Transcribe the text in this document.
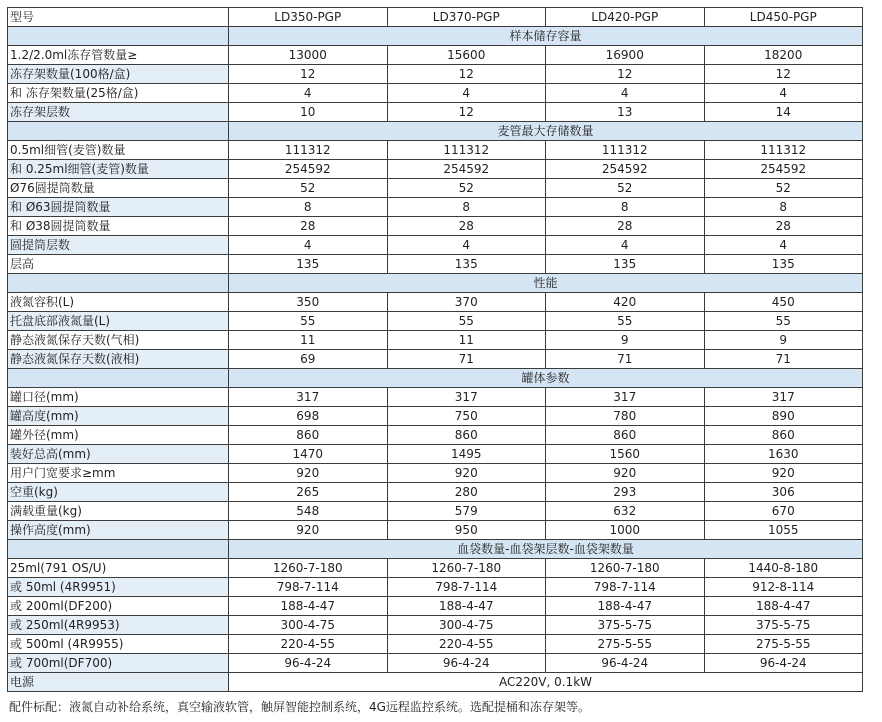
型号	LD350-PGP	LD370-PGP	LD420-PGP	LD450-PGP
	样本储存容量			
1.2/2.0ml冻存管数量≥	13000	15600	16900	18200
冻存架数量(100格/盒)	12	12	12	12
和 冻存架数量(25格/盒)	4	4	4	4
冻存架层数	10	12	13	14
	麦管最大存储数量			
0.5ml细管(麦管)数量	111312	111312	111312	111312
和 0.25ml细管(麦管)数量	254592	254592	254592	254592
Ø76圆提筒数量	52	52	52	52
和 Ø63圆提筒数量	8	8	8	8
和 Ø38圆提筒数量	28	28	28	28
圆提筒层数	4	4	4	4
层高	135	135	135	135
	性能			
液氮容积(L)	350	370	420	450
托盘底部液氮量(L)	55	55	55	55
静态液氮保存天数(气相)	11	11	9	9
静态液氮保存天数(液相)	69	71	71	71
	罐体参数			
罐口径(mm)	317	317	317	317
罐高度(mm)	698	750	780	890
罐外径(mm)	860	860	860	860
装好总高(mm)	1470	1495	1560	1630
用户门宽要求≥mm	920	920	920	920
空重(kg)	265	280	293	306
满载重量(kg)	548	579	632	670
操作高度(mm)	920	950	1000	1055
	血袋数量-血袋架层数-血袋架数量			
25ml(791 OS/U)	1260-7-180	1260-7-180	1260-7-180	1440-8-180
或 50ml (4R9951)	798-7-114	798-7-114	798-7-114	912-8-114
或 200ml(DF200)	188-4-47	188-4-47	188-4-47	188-4-47
或 250ml(4R9953)	300-4-75	300-4-75	375-5-75	375-5-75
或 500ml (4R9955)	220-4-55	220-4-55	275-5-55	275-5-55
或 700ml(DF700)	96-4-24	96-4-24	96-4-24	96-4-24
电源	AC220V, 0.1kW			
配件标配：液氮自动补给系统，真空输液软管，触屏智能控制系统，4G远程监控系统。选配提桶和冻存架等。
